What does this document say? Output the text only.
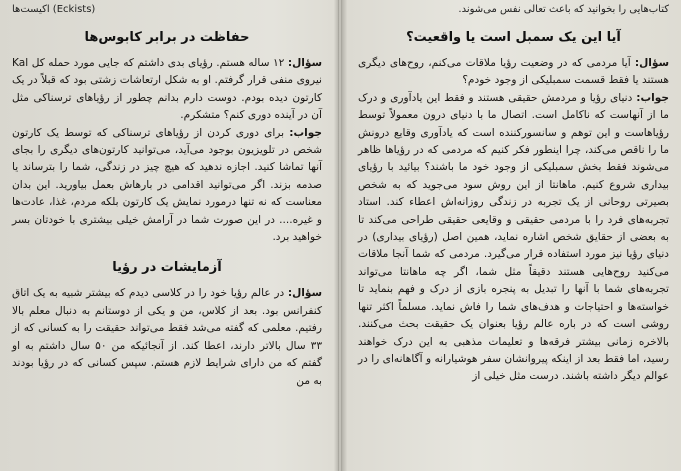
اکیست‌ها (Eckists)
حفاظت در برابر کابوس‌ها

سؤال: ۱۲ ساله هستم. رؤیای بدی داشتم که جایی مورد حمله کل Kal نیروی منفی قرار گرفتم. او به شکل ارتعاشات زشتی بود که قبلاً در یک کارتون دیده بودم. دوست دارم بدانم چطور از رؤیاهای ترسناکی مثل آن در آینده دوری کنم؟ متشکرم.

جواب: برای دوری کردن از رؤیاهای ترسناکی که توسط یک کارتون شخص در تلویزیون بوجود می‌آید، می‌توانید کارتون‌های دیگری را بجای آنها تماشا کنید. اجازه ندهید که هیچ چیز در زندگی، شما را بترساند یا صدمه بزند. اگر می‌توانید اقدامی در بارهاش بعمل بیاورید. این بدان معناست که نه تنها درمورد نمایش یک کارتون بلکه مردم، غذا، عادت‌ها و غیره.... در این صورت شما در آرامش خیلی بیشتری با خودتان بسر خواهید برد.

آزمایشات در رؤیا

سؤال: در عالم رؤیا خود را در کلاسی دیدم که بیشتر شبیه به یک اتاق کنفرانس بود. بعد از کلاس، من و یکی از دوستانم به دنبال معلم بالا رفتیم. معلمی که گفته می‌شد فقط می‌تواند حقیقت را به کسانی که از ۳۳ سال بالاتر دارند، اعطا کند. از آنجائیکه من ۵۰ سال داشتم به او گفتم که من دارای شرایط لازم هستم. سپس کسانی که در رؤیا بودند به من

کتاب‌هایی را بخوانید که باعث تعالی نفس می‌شوند.
آیا این یک سمبل است یا واقعیت؟

سؤال: آیا مردمی که در وضعیت رؤیا ملاقات می‌کنم، روح‌های دیگری هستند یا فقط قسمت سمبلیکی از وجود خودم؟

جواب: دنیای رؤیا و مردمش حقیقی هستند و فقط این یادآوری و درک ما از آنهاست که ناکامل است. اتصال ما با دنیای درون معمولاً توسط رؤیاهاست و این توهم و سانسورکننده است که یادآوری وقایع درونش ما را ناقص می‌کند، چرا اینطور فکر کنیم که مردمی که در رؤیاها ظاهر می‌شوند فقط بخش سمبلیکی از وجود خود ما باشند؟ بیائید با رؤیای بیداری شروع کنیم. ماهانتا از این روش سود می‌جوید که به شخص بصیرتی روحانی از یک تجربه در زندگی روزانه‌اش اعطاء کند. استاد تجربه‌های فرد را با مردمی حقیقی و وقایعی حقیقی طراحی می‌کند تا به بعضی از حقایق شخص اشاره نماید، همین اصل (رؤیای بیداری) در دنیای رؤیا نیز مورد استفاده قرار می‌گیرد. مردمی که شما آنجا ملاقات می‌کنید روح‌هایی هستند دقیقاً مثل شما، اگر چه ماهانتا می‌تواند تجربه‌های شما با آنها را تبدیل به پنجره بازی از درک و فهم بنماید تا خواسته‌ها و احتیاجات و هدف‌های شما را فاش نماید. مسلماً اکثر تنها روشی است که در باره عالم رؤیا بعنوان یک حقیقت بحث می‌کنند. بالاخره زمانی بیشتر فرقه‌ها و تعلیمات مذهبی به این درک خواهند رسید، اما فقط بعد از اینکه پیروانشان سفر هوشیارانه و آگاهانه‌ای را در عوالم دیگر داشته باشند. درست مثل خیلی از
